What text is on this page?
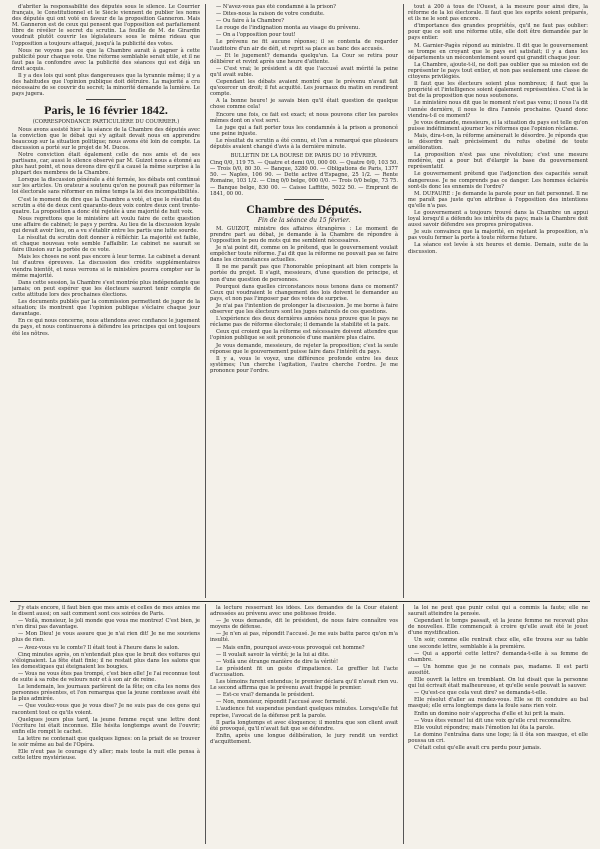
d'abriter la responsabilité des députés sous le silence. Le Courrier français, le Constitutionnel et le Siècle viennent de publier les noms des députés qui ont voté en faveur de la proposition Ganneron. Mais M. Ganneron est de ceux qui pensent que l'opposition est parfaitement libre de révéler le secret du scrutin. La feuille de M. de Girardin voudrait plutôt couvrir les législateurs sous le même rideau que l'opposition a toujours attaqué, jusqu'à la publicité des votes.

Nous ne voyons pas ce que la Chambre aurait à gagner à cette publicité pour chaque vote. Une réforme semblable serait utile, et il ne faut pas la confondre avec la publicité des séances qui est déjà un droit acquis.

Il y a des lois qui sont plus dangereuses que la tyrannie même; il y a des habitudes que l'opinion publique doit détruire. La majorité a cru nécessaire de se couvrir du secret; la minorité demande la lumière. Le pays jugera.

Paris, le 16 février 1842.
(CORRESPONDANCE PARTICULIÈRE DU COURRIER.)

Nous avons assisté hier à la séance de la Chambre des députés avec la conviction que le débat qui s'y agitait devait nous en apprendre beaucoup sur la situation politique; nous avons été loin de compte. La discussion a porté sur le projet de M. Ducos.

Notre conviction était également celle de nos amis et de ses partisans, car, aussi le silence observé par M. Guizot nous a étonné au plus haut point, et nous devons dire qu'il a causé la même surprise à la plupart des membres de la Chambre.

Lorsque la discussion générale a été fermée, les débats ont continué sur les articles. Un orateur a soutenu qu'on ne pouvait pas réformer la loi électorale sans réformer en même temps la loi des incompatibilités.

C'est le moment de dire que la Chambre a voté, et que le résultat du scrutin a été de deux cent quarante-deux voix contre deux cent trente-quatre. La proposition a donc été rejetée à une majorité de huit voix.

Nous regrettons que le ministère ait voulu faire de cette question une affaire de cabinet; le pays y perdra. Au lieu de la discussion loyale qui devait avoir lieu, on a vu s'établir entre les partis une lutte sourde.

Le résultat du scrutin doit donner à réfléchir. La majorité est faible, et chaque nouveau vote semble l'affaiblir. Le cabinet ne saurait se faire illusion sur la portée de ce vote.

Mais les choses ne sont pas encore à leur terme. Le cabinet a devant lui d'autres épreuves. La discussion des crédits supplémentaires viendra bientôt, et nous verrons si le ministère pourra compter sur la même majorité.

Dans cette session, la Chambre s'est montrée plus indépendante que jamais; on peut espérer que les électeurs sauront tenir compte de cette attitude lors des prochaines élections.

Les documents publiés par la commission permettent de juger de la situation; ils montrent que l'opinion publique s'éclaire chaque jour davantage.

En ce qui nous concerne, nous attendons avec confiance le jugement du pays, et nous continuerons à défendre les principes qui ont toujours été les nôtres.

— N'avez-vous pas été condamné à la prison?

— Dites-nous la raison de votre conduite.

— Ou faire à la Chambre?

Le rouge de l'indignation monta au visage du prévenu.

— On a l'opposition pour tout!

Le prévenu ne fit aucune réponse; il se contenta de regarder l'auditoire d'un air de défi, et reprit sa place au banc des accusés.

— Et le jugement? demanda quelqu'un. La Cour se retira pour délibérer et revint après une heure d'attente.

— C'est vrai; le président a dit que l'accusé avait mérité la peine qu'il avait subie.

Cependant les débats avaient montré que le prévenu n'avait fait qu'exercer un droit; il fut acquitté. Les journaux du matin en rendirent compte.

A la bonne heure! je savais bien qu'il était question de quelque chose comme cela!

Encore une fois, ce fait est exact; et nous pouvons citer les paroles mêmes dont on s'est servi.

Le juge qui a fait porter tous les condamnés à la prison a prononcé une peine injuste.

Le résultat du scrutin a été connu, et l'on a remarqué que plusieurs députés avaient changé d'avis à la dernière minute.

BULLETIN DE LA BOURSE DE PARIS DU 16 FÉVRIER.

Cinq 0/0, 119 75. — Quatre et demi 0/0, 000 00. — Quatre 0/0, 103 50. — Trois 0/0, 80 30. — Banque, 3280 00. — Obligations de Paris, 1377 50. — Naples, 106 90. — Dette active d'Espagne, 25 1/2. — Rente Romaine, 103 1/2. — Cinq 0/0 belge, 000 0/0. — Trois 0/0 belge, 73 75. — Banque belge, 830 00. — Caisse Laffitte, 5022 50. — Emprunt de 1841, 00 00.

Chambre des Députés.
Fin de la séance du 15 février.

M. GUIZOT, ministre des affaires étrangères : Le moment de prendre part au débat, je demande à la Chambre de répondre à l'opposition le peu de mots qui me semblent nécessaires.

Je n'ai point dit, comme on le prétend, que le gouvernement voulait empêcher toute réforme. J'ai dit que la réforme ne pouvait pas se faire dans les circonstances actuelles.

Il ne me paraît pas que l'honorable préopinant ait bien compris la portée du projet. Il s'agit, messieurs, d'une question de principe, et non d'une question de personnes.

Pourquoi dans quelles circonstances nous tenons dans ce moment? Ceux qui voudraient le changement des lois doivent le demander au pays, et non pas l'imposer par des votes de surprise.

Je n'ai pas l'intention de prolonger la discussion. Je me borne à faire observer que les électeurs sont les juges naturels de ces questions.

L'expérience des deux dernières années nous prouve que le pays ne réclame pas de réforme électorale; il demande la stabilité et la paix.

Ceux qui croient que la réforme est nécessaire doivent attendre que l'opinion publique se soit prononcée d'une manière plus claire.

Je vous demande, messieurs, de rejeter la proposition; c'est la seule réponse que le gouvernement puisse faire dans l'intérêt du pays.

Il y a, vous le voyez, une différence profonde entre les deux systèmes; l'un cherche l'agitation, l'autre cherche l'ordre. Je me prononce pour l'ordre.

tout à 200 à tous de l'Ouest, à la mesure pour ainsi dire, la réforme de la loi électorale. Il faut que les esprits soient préparés, et ils ne le sont pas encore.

d'importance des grandes propriétés, qu'il ne faut pas oublier: pour que ce soit une réforme utile, elle doit être demandée par le pays entier.

M. Garnier-Pagès répond au ministre. Il dit que le gouvernement se trompe en croyant que le pays est satisfait; il y a dans les départements un mécontentement sourd qui grandit chaque jour.

La Chambre, ajoute-t-il, ne doit pas oublier que sa mission est de représenter le pays tout entier, et non pas seulement une classe de citoyens privilégiés.

Il faut que les électeurs soient plus nombreux; il faut que la propriété et l'intelligence soient également représentées. C'est là le but de la proposition que nous soutenons.

Le ministère nous dit que le moment n'est pas venu; il nous l'a dit l'année dernière, il nous le dira l'année prochaine. Quand donc viendra-t-il ce moment?

Je vous demande, messieurs, si la situation du pays est telle qu'on puisse indéfiniment ajourner les réformes que l'opinion réclame.

Mais, dira-t-on, la réforme amènerait le désordre. Je réponds que le désordre naît précisément du refus obstiné de toute amélioration.

La proposition n'est pas une révolution; c'est une mesure modérée, qui a pour but d'élargir la base du gouvernement représentatif.

Le gouvernement prétend que l'adjonction des capacités serait dangereuse. Je ne comprends pas ce danger. Les hommes éclairés sont-ils donc les ennemis de l'ordre?

M. DUFAURE : Je demande la parole pour un fait personnel. Il ne me paraît pas juste qu'on attribue à l'opposition des intentions qu'elle n'a pas.

Le gouvernement a toujours trouvé dans la Chambre un appui loyal lorsqu'il a défendu les intérêts du pays; mais la Chambre doit aussi savoir défendre ses propres prérogatives.

Je suis convaincu que la majorité, en rejetant la proposition, n'a pas voulu fermer la porte à toute réforme future.

La séance est levée à six heures et demie. Demain, suite de la discussion.

J'y étais encore, il faut bien que mes amis et celles de mes amies me le disent aussi; on sait comment sont ces soirées de Paris.

— Voilà, monsieur, le joli monde que vous me montrez! C'est bien, je n'en dirai pas davantage.

— Mon Dieu! je vous assure que je n'ai rien dit! Je ne me souviens plus de rien.

— Avez-vous vu le comte? Il était tout à l'heure dans le salon.

Cinq minutes après, on n'entendait plus que le bruit des voitures qui s'éloignaient. La fête était finie; il ne restait plus dans les salons que les domestiques qui éteignaient les bougies.

— Vous ne vous êtes pas trompé, c'est bien elle! Je l'ai reconnue tout de suite à sa robe de velours noir et à son air de reine.

Le lendemain, les journaux parlèrent de la fête; on cita les noms des personnes présentes, et l'on remarqua que la jeune comtesse avait été la plus admirée.

— Que voulez-vous que je vous dise? Je ne suis pas de ces gens qui racontent tout ce qu'ils voient.

Quelques jours plus tard, la jeune femme reçut une lettre dont l'écriture lui était inconnue. Elle hésita longtemps avant de l'ouvrir; enfin elle rompit le cachet.

La lettre ne contenait que quelques lignes: on la priait de se trouver le soir même au bal de l'Opéra.

Elle n'eut pas le courage d'y aller; mais toute la nuit elle pensa à cette lettre mystérieuse.

la lecture resserrant les idées. Les demandes de la Cour étaient adressées au prévenu avec une politesse froide.

— Je vous demande, dit le président, de nous faire connaître vos moyens de défense.

— Je n'en ai pas, répondit l'accusé. Je me suis battu parce qu'on m'a insulté.

— Mais enfin, pourquoi avez-vous provoqué cet homme?

— Il voulait savoir la vérité; je la lui ai dite.

— Voilà une étrange manière de dire la vérité!

Le président fit un geste d'impatience. Le greffier lut l'acte d'accusation.

Les témoins furent entendus; le premier déclara qu'il n'avait rien vu. Le second affirma que le prévenu avait frappé le premier.

— Est-ce vrai? demanda le président.

— Non, monsieur, répondit l'accusé avec fermeté.

L'audience fut suspendue pendant quelques minutes. Lorsqu'elle fut reprise, l'avocat de la défense prit la parole.

Il parla longtemps et avec éloquence; il montra que son client avait été provoqué, qu'il n'avait fait que se défendre.

Enfin, après une longue délibération, le jury rendit un verdict d'acquittement.

la loi ne peut que punir celui qui a commis la faute; elle ne saurait atteindre la pensée.

Cependant le temps passait, et la jeune femme ne recevait plus de nouvelles. Elle commençait à croire qu'elle avait été le jouet d'une mystification.

Un soir, comme elle rentrait chez elle, elle trouva sur sa table une seconde lettre, semblable à la première.

— Qui a apporté cette lettre? demanda-t-elle à sa femme de chambre.

— Un homme que je ne connais pas, madame. Il est parti aussitôt.

Elle ouvrit la lettre en tremblant. On lui disait que la personne qui lui écrivait était malheureuse, et qu'elle seule pouvait la sauver.

— Qu'est-ce que cela veut dire? se demanda-t-elle.

Elle résolut d'aller au rendez-vous. Elle se fit conduire au bal masqué; elle erra longtemps dans la foule sans rien voir.

Enfin un domino noir s'approcha d'elle et lui prit la main.

— Vous êtes venue! lui dit une voix qu'elle crut reconnaître.

Elle voulut répondre; mais l'émotion lui ôta la parole.

Le domino l'entraîna dans une loge; là il ôta son masque, et elle poussa un cri.

C'était celui qu'elle avait cru perdu pour jamais.
